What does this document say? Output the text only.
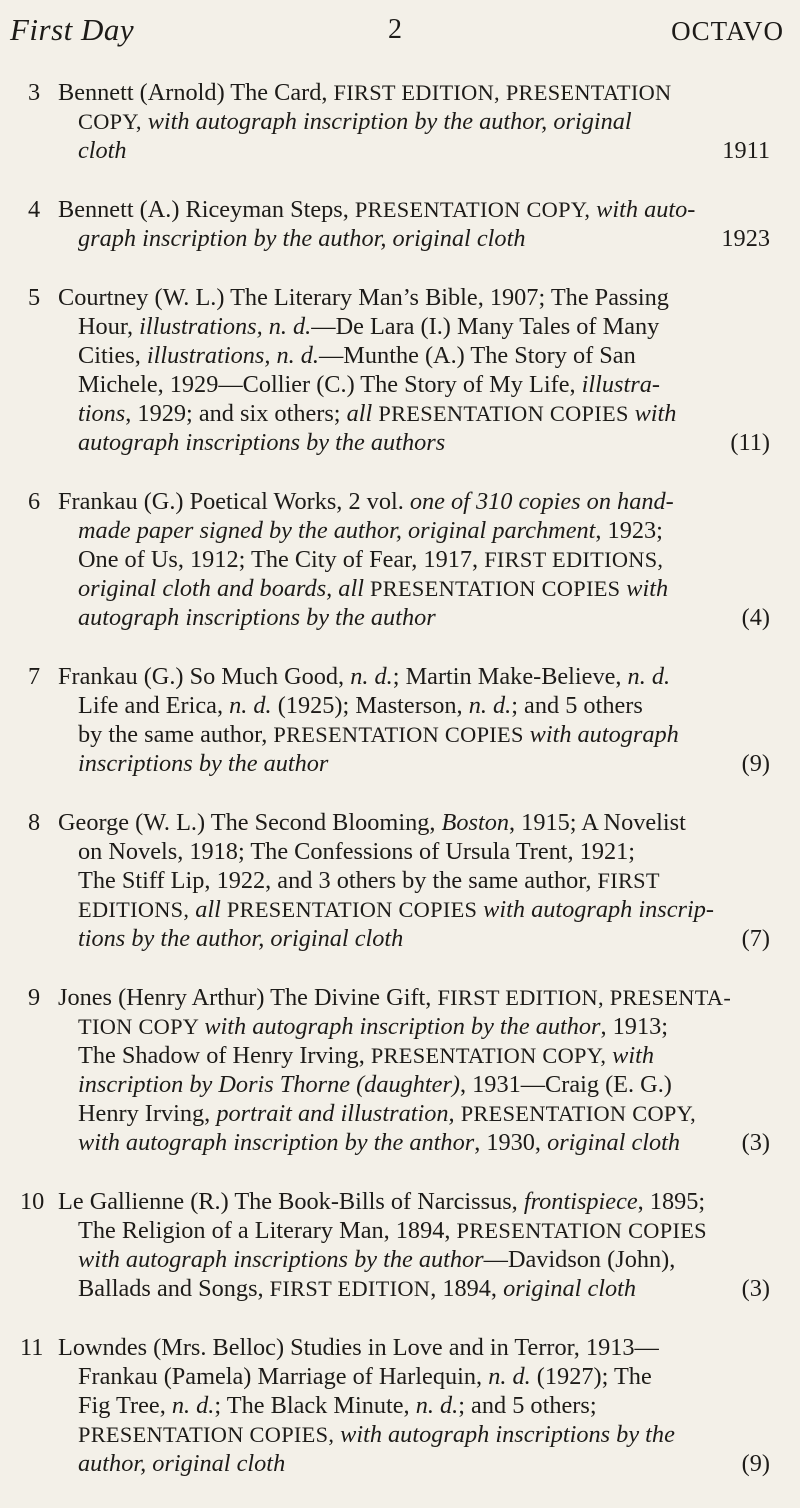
First Day	2	OCTAVO
3 Bennett (Arnold) The Card, FIRST EDITION, PRESENTATION
COPY, with autograph inscription by the author, original
1911
cloth
4 Bennett (A.) Riceyman Steps, PRESENTATION COPY, with auto-
1923
graph inscription by the author, original cloth
5 Courtney (W. L.) The Literary Man’s Bible, 1907; The Passing
Hour, illustrations, n. d.—De Lara (I.) Many Tales of Many
Cities, illustrations, n. d.—Munthe (A.) The Story of San
Michele, 1929—Collier (C.) The Story of My Life, illustra-
tions, 1929; and six others; all PRESENTATION COPIES with
(11)
autograph inscriptions by the authors
6 Frankau (G.) Poetical Works, 2 vol. one of 310 copies on hand-
made paper signed by the author, original parchment, 1923;
One of Us, 1912; The City of Fear, 1917, FIRST EDITIONS,
original cloth and boards, all PRESENTATION COPIES with
(4)
autograph inscriptions by the author
7 Frankau (G.) So Much Good, n. d.; Martin Make-Believe, n. d.
Life and Erica, n. d. (1925); Masterson, n. d.; and 5 others
by the same author, PRESENTATION COPIES with autograph
(9)
inscriptions by the author
8 George (W. L.) The Second Blooming, Boston, 1915; A Novelist
on Novels, 1918; The Confessions of Ursula Trent, 1921;
The Stiff Lip, 1922, and 3 others by the same author, FIRST
EDITIONS, all PRESENTATION COPIES with autograph inscrip-
(7)
tions by the author, original cloth
9 Jones (Henry Arthur) The Divine Gift, FIRST EDITION, PRESENTA-
TION COPY with autograph inscription by the author, 1913;
The Shadow of Henry Irving, PRESENTATION COPY, with
inscription by Doris Thorne (daughter), 1931—Craig (E. G.)
Henry Irving, portrait and illustration, PRESENTATION COPY,
(3)
with autograph inscription by the anthor, 1930, original cloth
10 Le Gallienne (R.) The Book-Bills of Narcissus, frontispiece, 1895;
The Religion of a Literary Man, 1894, PRESENTATION COPIES
with autograph inscriptions by the author—Davidson (John),
(3)
Ballads and Songs, FIRST EDITION, 1894, original cloth
11 Lowndes (Mrs. Belloc) Studies in Love and in Terror, 1913—
Frankau (Pamela) Marriage of Harlequin, n. d. (1927); The
Fig Tree, n. d.; The Black Minute, n. d.; and 5 others;
PRESENTATION COPIES, with autograph inscriptions by the
(9)
author, original cloth
